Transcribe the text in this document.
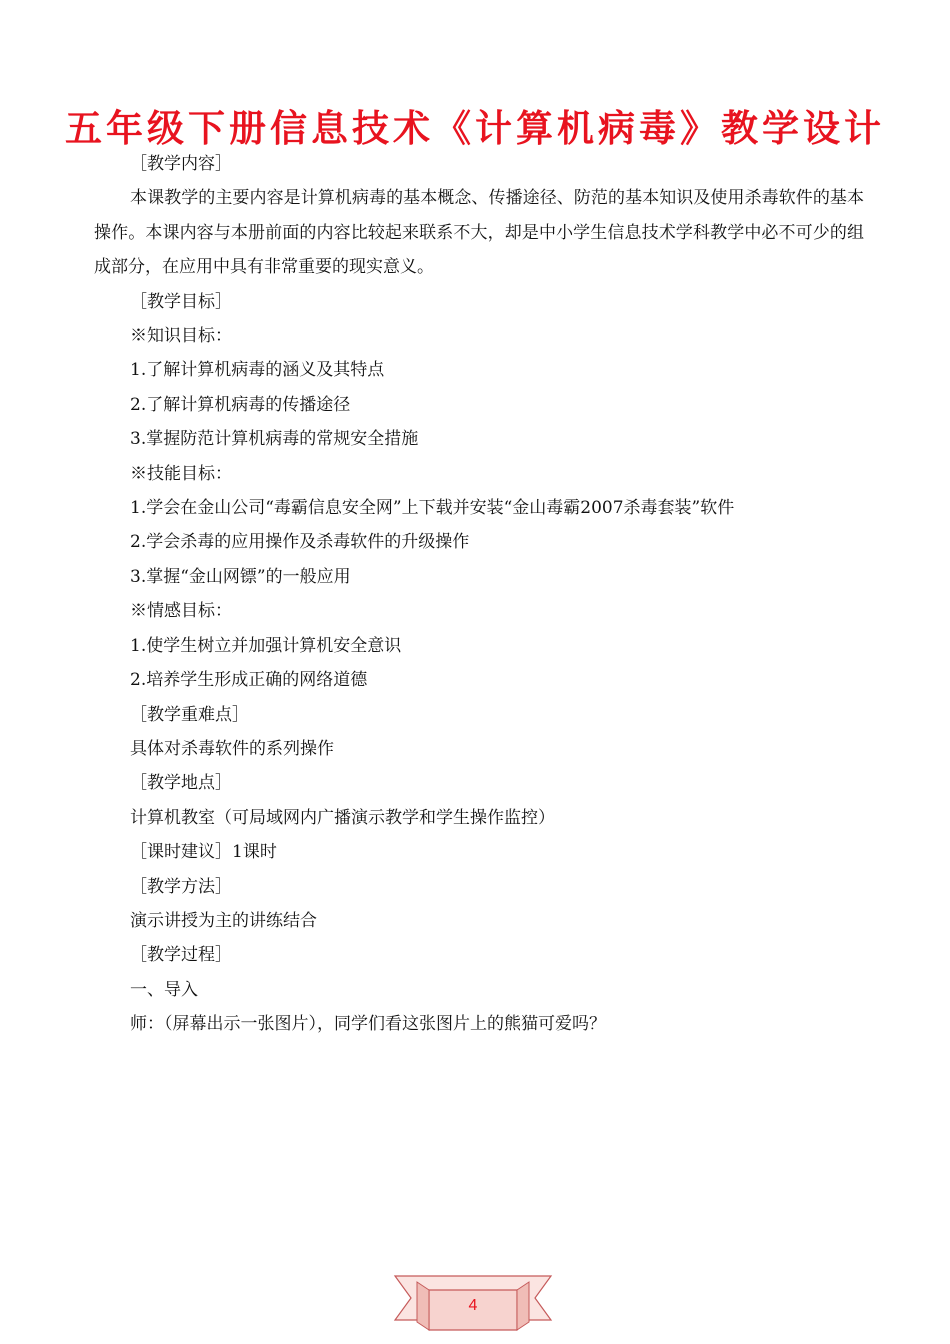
五年级下册信息技术《计算机病毒》教学设计
［教学内容］
本课教学的主要内容是计算机病毒的基本概念、传播途径、防范的基本知识及使用杀毒软件的基本操作。本课内容与本册前面的内容比较起来联系不大，却是中小学生信息技术学科教学中必不可少的组成部分，在应用中具有非常重要的现实意义。
［教学目标］
※知识目标：
1.了解计算机病毒的涵义及其特点
2.了解计算机病毒的传播途径
3.掌握防范计算机病毒的常规安全措施
※技能目标：
1.学会在金山公司“毒霸信息安全网”上下载并安装“金山毒霸2007杀毒套装”软件
2.学会杀毒的应用操作及杀毒软件的升级操作
3.掌握“金山网镖”的一般应用
※情感目标：
1.使学生树立并加强计算机安全意识
2.培养学生形成正确的网络道德
［教学重难点］
具体对杀毒软件的系列操作
［教学地点］
计算机教室（可局域网内广播演示教学和学生操作监控）
［课时建议］1课时
［教学方法］
演示讲授为主的讲练结合
［教学过程］
一、导入
师：（屏幕出示一张图片），同学们看这张图片上的熊猫可爱吗？
4
